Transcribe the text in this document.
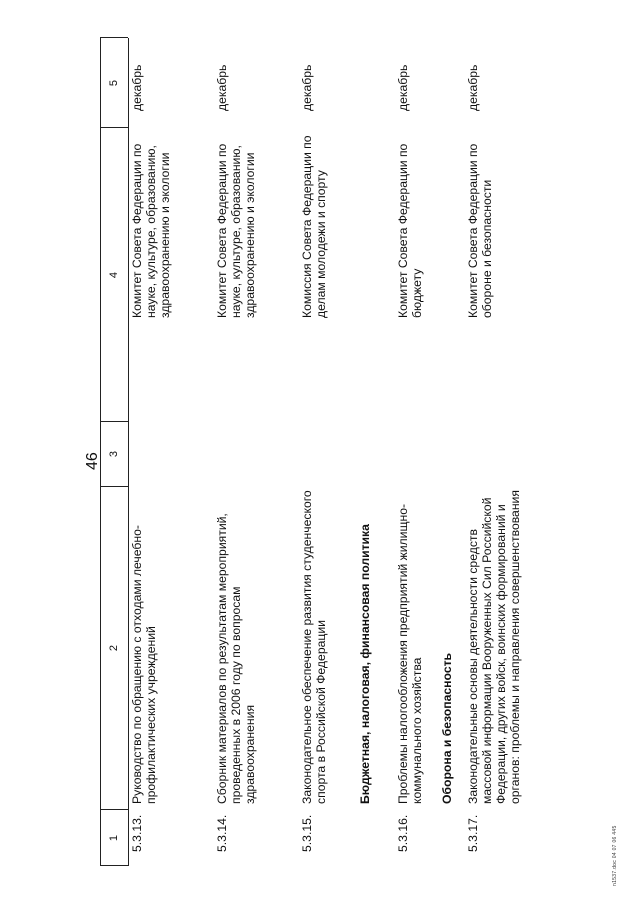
46
1
2
3
4
5
5.3.13.
Руководство по обращению с отходами лечебно-профилактических учреждений
Комитет Совета Федерации по науке, культуре, образованию, здравоохранению и экологии
декабрь
5.3.14.
Сборник материалов по результатам мероприятий, проведенных в 2006 году по вопросам здравоохранения
Комитет Совета Федерации по науке, культуре, образованию, здравоохранению и экологии
декабрь
5.3.15.
Законодательное обеспечение развития студенческого спорта в Российской Федерации
Комиссия Совета Федерации по делам молодежи и спорту
декабрь
Бюджетная, налоговая, финансовая политика
5.3.16.
Проблемы налогообложения предприятий жилищно-коммунального хозяйства
Комитет Совета Федерации по бюджету
декабрь
Оборона и безопасность
5.3.17.
Законодательные основы деятельности средств массовой информации Вооруженных Сил Российской Федерации, других войск, воинских формирований и органов: проблемы и направления совершенствования
Комитет Совета Федерации по обороне и безопасности
декабрь
n1537.doc 04 07 06 445
